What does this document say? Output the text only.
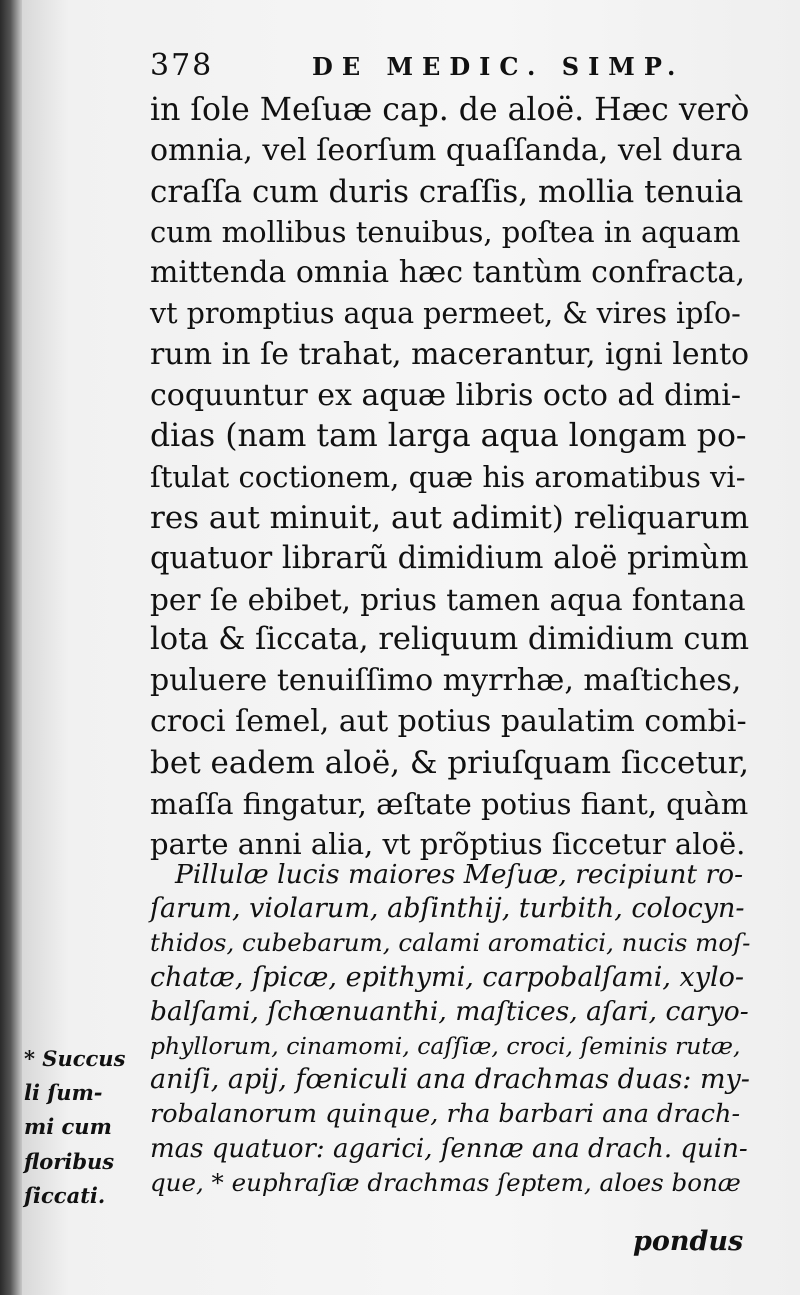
378	DE MEDIC. SIMP.
in ſole Meſuæ cap. de aloë. Hæc verò
omnia, vel ſeorſum quaſſanda, vel dura
craſſa cum duris craſſis, mollia tenuia
cum mollibus tenuibus, poſtea in aquam
mittenda omnia hæc tantùm confracta,
vt promptius aqua permeet, & vires ipſo-
rum in ſe trahat, macerantur, igni lento
coquuntur ex aquæ libris octo ad dimi-
dias (nam tam larga aqua longam po-
ſtulat coctionem, quæ his aromatibus vi-
res aut minuit, aut adimit) reliquarum
quatuor librarũ dimidium aloë primùm
per ſe ebibet, prius tamen aqua fontana
lota & ſiccata, reliquum dimidium cum
puluere tenuiſſimo myrrhæ, maſtiches,
croci ſemel, aut potius paulatim combi-
bet eadem aloë, & priuſquam ſiccetur,
maſſa fingatur, æſtate potius fiant, quàm
parte anni alia, vt prõptius ſiccetur aloë.
Pillulæ lucis maiores Meſuæ, recipiunt ro-
ſarum, violarum, abſinthij, turbith, colocyn-
thidos, cubebarum, calami aromatici, nucis moſ-
chatæ, ſpicæ, epithymi, carpobalſami, xylo-
balſami, ſchœnuanthi, maſtices, aſari, caryo-
phyllorum, cinamomi, caſſiæ, croci, ſeminis rutæ,
aniſi, apij, fœniculi ana drachmas duas: my-
robalanorum quinque, rha barbari ana drach-
mas quatuor: agarici, ſennæ ana drach. quin-
que, * euphraſiæ drachmas ſeptem, aloes bonæ
* Succus
li ſum-
mi cum
floribus
ſiccati.
pondus
